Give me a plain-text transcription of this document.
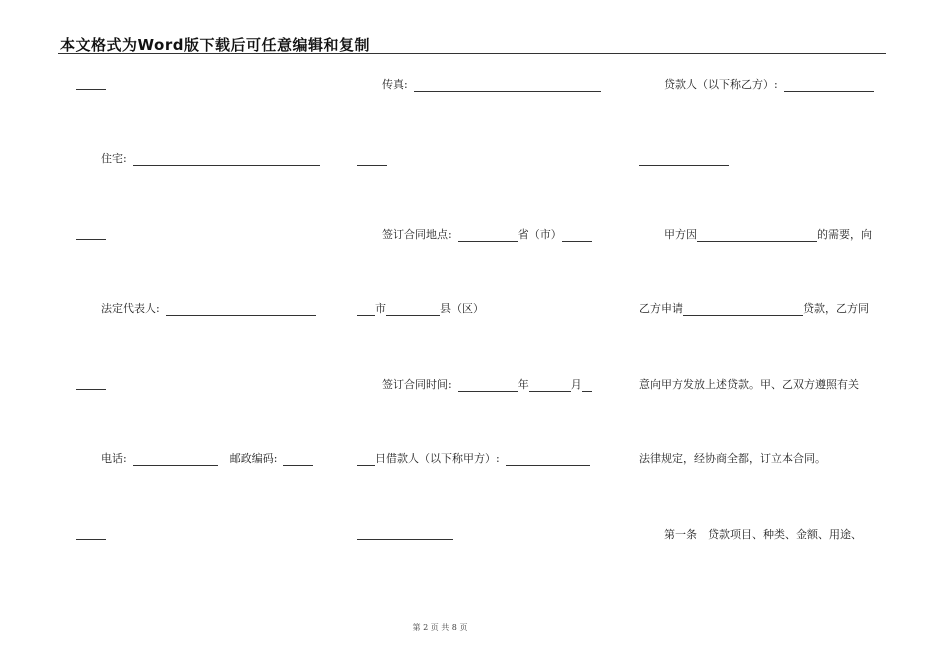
本文格式为Word版下载后可任意编辑和复制
住宅:
法定代表人:
电话:	邮政编码:
传真:
签订合同地点:	省（市）
市	县（区）
签订合同时间:	年	月
日借款人（以下称甲方）:
贷款人（以下称乙方）:
甲方因	的需要，向
乙方申请	贷款，乙方同
意向甲方发放上述贷款。甲、乙双方遵照有关
法律规定，经协商全都，订立本合同。
第一条　贷款项目、种类、金额、用途、
第 2 页 共 8 页
